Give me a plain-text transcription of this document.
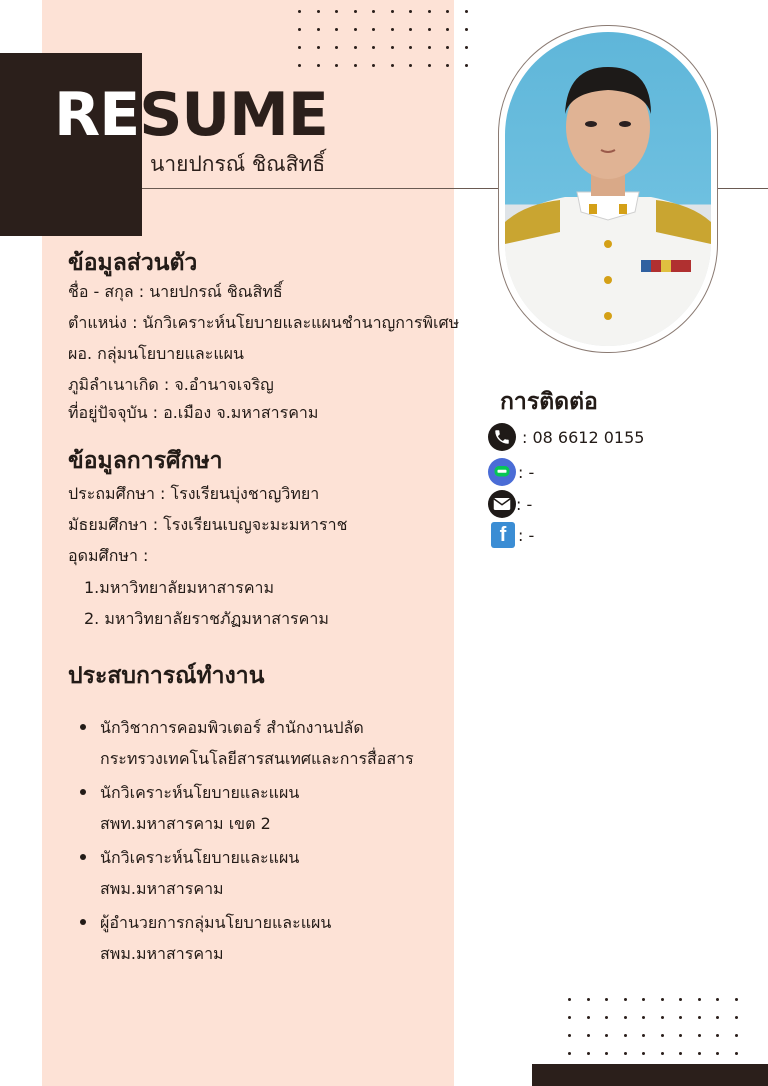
RESUME
นายปกรณ์ ชิณสิทธิ์
ข้อมูลส่วนตัว
ชื่อ - สกุล : นายปกรณ์ ชิณสิทธิ์
ตำแหน่ง : นักวิเคราะห์นโยบายและแผนชำนาญการพิเศษ
ผอ. กลุ่มนโยบายและแผน
ภูมิลำเนาเกิด : จ.อำนาจเจริญ
ที่อยู่ปัจจุบัน : อ.เมือง จ.มหาสารคาม
ข้อมูลการศึกษา
ประถมศึกษา : โรงเรียนบุ่งชาญวิทยา
มัธยมศึกษา : โรงเรียนเบญจะมะมหาราช
อุดมศึกษา :
1.มหาวิทยาลัยมหาสารคาม
2. มหาวิทยาลัยราชภัฏมหาสารคาม
ประสบการณ์ทำงาน
นักวิชาการคอมพิวเตอร์ สำนักงานปลัด
กระทรวงเทคโนโลยีสารสนเทศและการสื่อสาร
นักวิเคราะห์นโยบายและแผน
สพท.มหาสารคาม เขต 2
นักวิเคราะห์นโยบายและแผน
สพม.มหาสารคาม
ผู้อำนวยการกลุ่มนโยบายและแผน
สพม.มหาสารคาม
การติดต่อ
: 08 6612 0155
: -
: -
f : -
